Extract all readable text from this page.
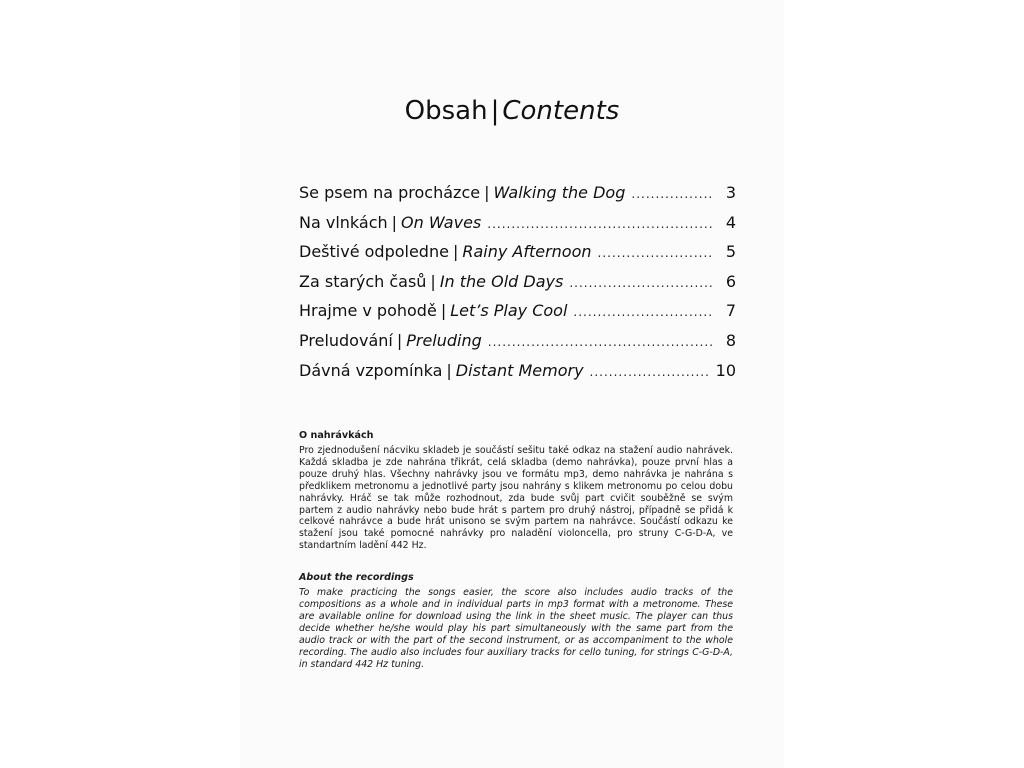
Obsah | Contents
Se psem na procházce | Walking the Dog .....	3
Na vlnkách | On Waves .....	4
Deštivé odpoledne | Rainy Afternoon .....	5
Za starých časů | In the Old Days .....	6
Hrajme v pohodě | Let’s Play Cool .....	7
Preludování | Preluding .....	8
Dávná vzpomínka | Distant Memory .....	10
O nahrávkách

Pro zjednodušení nácviku skladeb je součástí sešitu také odkaz na stažení audio nahrávek. Každá skladba je zde nahrána třikrát, celá skladba (demo nahrávka), pouze první hlas a pouze druhý hlas. Všechny nahrávky jsou ve formátu mp3, demo nahrávka je nahrána s předklikem metronomu a jednotlivé party jsou nahrány s klikem metronomu po celou dobu nahrávky. Hráč se tak může rozhodnout, zda bude svůj part cvičit souběžně se svým partem z audio nahrávky nebo bude hrát s partem pro druhý nástroj, případně se přidá k celkové nahrávce a bude hrát unisono se svým partem na nahrávce. Součástí odkazu ke stažení jsou také pomocné nahrávky pro naladění violoncella, pro struny C-G-D-A, ve standartním ladění 442 Hz.

About the recordings

To make practicing the songs easier, the score also includes audio tracks of the compositions as a whole and in individual parts in mp3 format with a metronome. These are available online for download using the link in the sheet music. The player can thus decide whether he/she would play his part simultaneously with the same part from the audio track or with the part of the second instrument, or as accompaniment to the whole recording. The audio also includes four auxiliary tracks for cello tuning, for strings C-G-D-A, in standard 442 Hz tuning.
